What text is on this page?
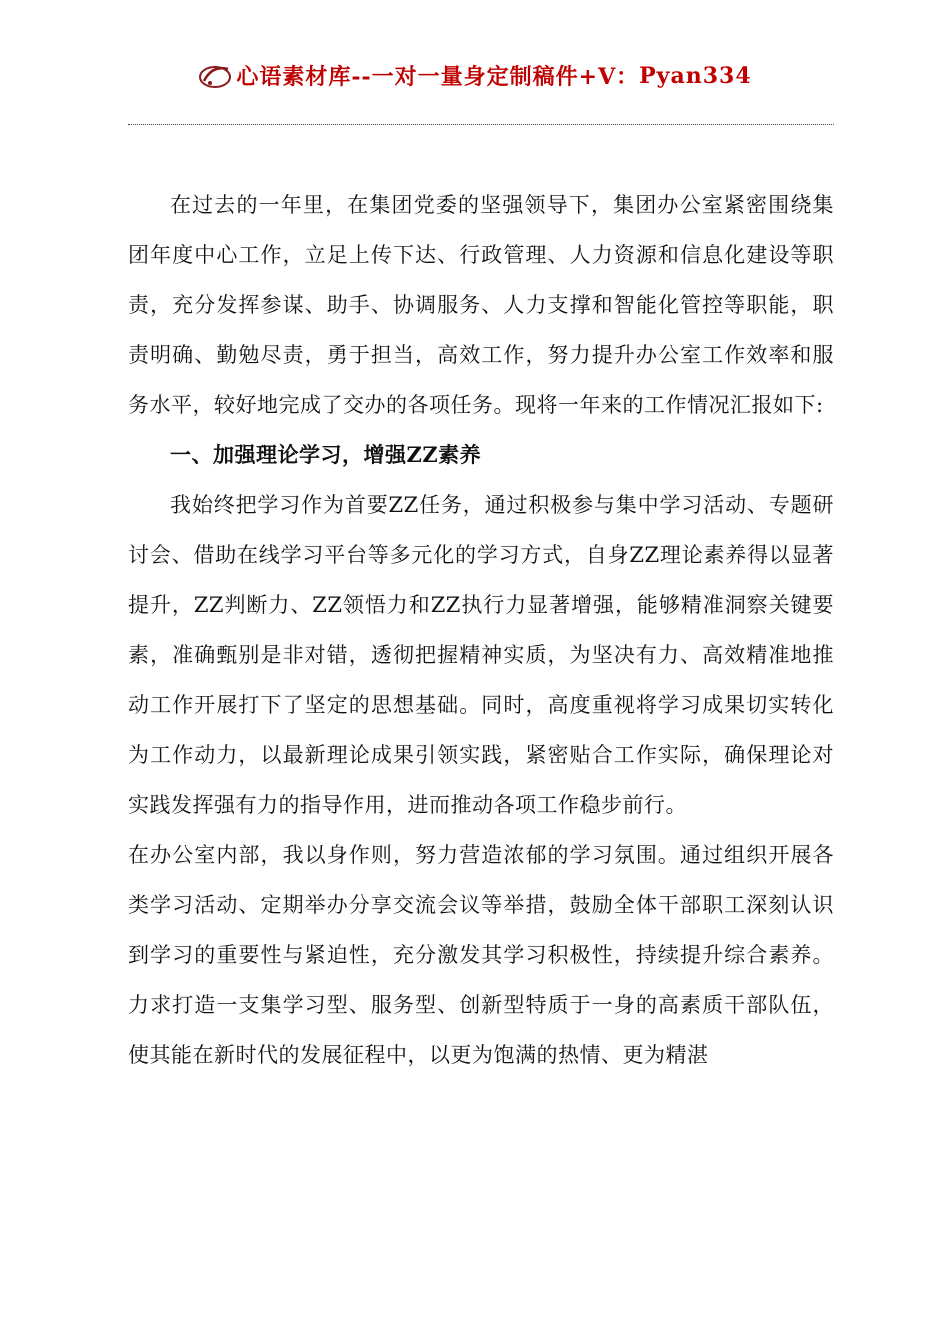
心语素材库 --一对一量身定制稿件+V： Pyan334

在过去的一年里，在集团党委的坚强领导下，集团办公室紧密围绕集团年度中心工作，立足上传下达、行政管理、人力资源和信息化建设等职责，充分发挥参谋、助手、协调服务、人力支撑和智能化管控等职能，职责明确、勤勉尽责，勇于担当，高效工作，努力提升办公室工作效率和服务水平，较好地完成了交办的各项任务。现将一年来的工作情况汇报如下:

一、加强理论学习，增强ZZ素养

我始终把学习作为首要ZZ任务，通过积极参与集中学习活动、专题研讨会、借助在线学习平台等多元化的学习方式，自身ZZ理论素养得以显著提升，ZZ判断力、ZZ领悟力和ZZ执行力显著增强，能够精准洞察关键要素，准确甄别是非对错，透彻把握精神实质，为坚决有力、高效精准地推动工作开展打下了坚定的思想基础。同时，高度重视将学习成果切实转化为工作动力，以最新理论成果引领实践，紧密贴合工作实际，确保理论对实践发挥强有力的指导作用，进而推动各项工作稳步前行。

在办公室内部，我以身作则，努力营造浓郁的学习氛围。通过组织开展各类学习活动、定期举办分享交流会议等举措，鼓励全体干部职工深刻认识到学习的重要性与紧迫性，充分激发其学习积极性，持续提升综合素养。力求打造一支集学习型、服务型、创新型特质于一身的高素质干部队伍，使其能在新时代的发展征程中，以更为饱满的热情、更为精湛
